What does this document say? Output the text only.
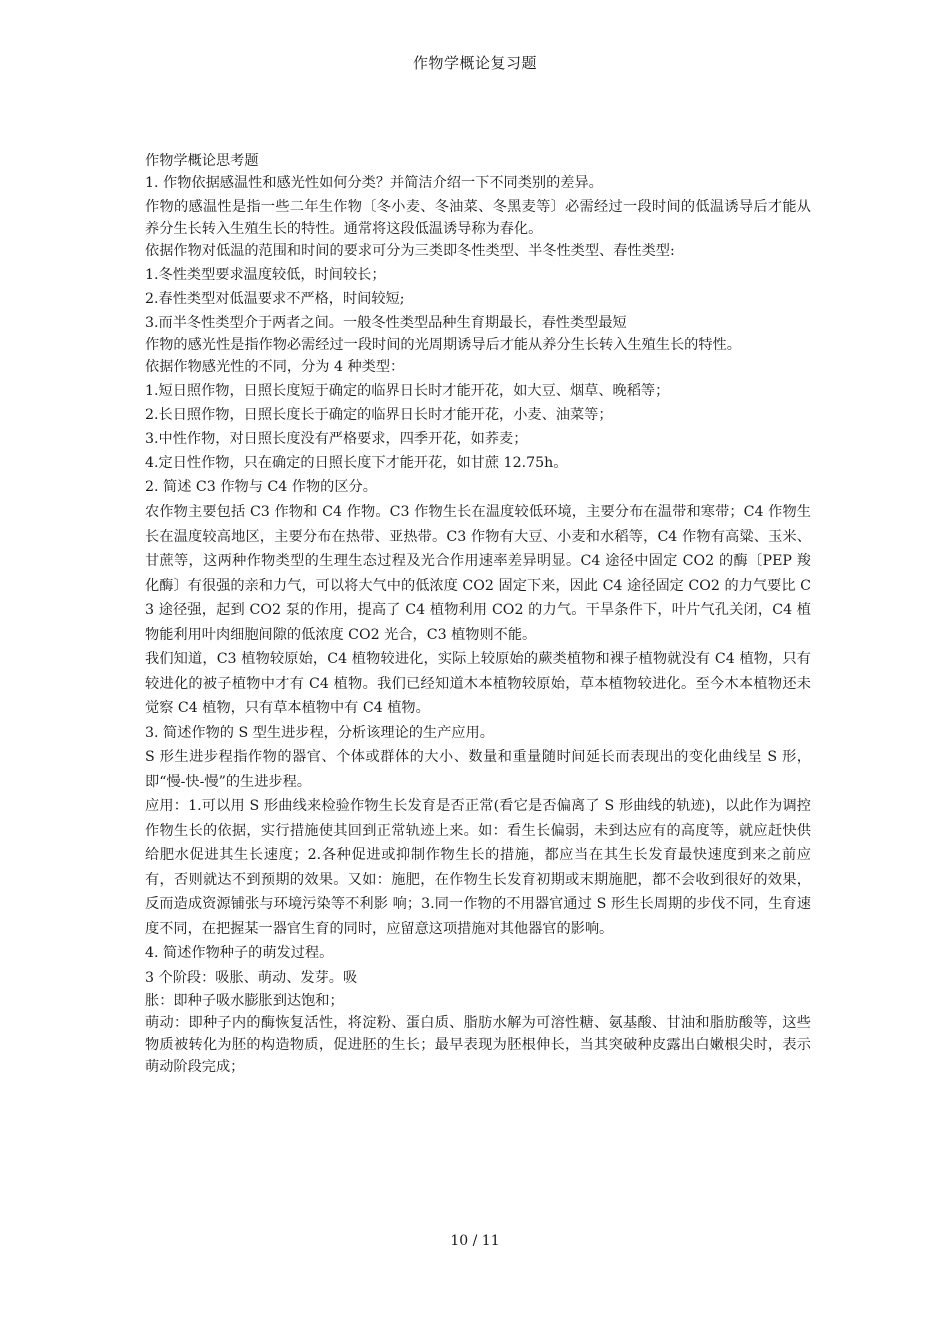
作物学概论复习题

作物学概论思考题

1. 作物依据感温性和感光性如何分类？并简洁介绍一下不同类别的差异。

作物的感温性是指一些二年生作物〔冬小麦、冬油菜、冬黑麦等〕必需经过一段时间的低温诱导后才能从养分生长转入生殖生长的特性。通常将这段低温诱导称为春化。

依据作物对低温的范围和时间的要求可分为三类即冬性类型、半冬性类型、春性类型:

1.冬性类型要求温度较低，时间较长；

2.春性类型对低温要求不严格，时间较短;

3.而半冬性类型介于两者之间。一般冬性类型品种生育期最长，春性类型最短

作物的感光性是指作物必需经过一段时间的光周期诱导后才能从养分生长转入生殖生长的特性。

依据作物感光性的不同，分为 4 种类型：

1.短日照作物，日照长度短于确定的临界日长时才能开花，如大豆、烟草、晚稻等；

2.长日照作物，日照长度长于确定的临界日长时才能开花，小麦、油菜等；

3.中性作物，对日照长度没有严格要求，四季开花，如荞麦；

4.定日性作物，只在确定的日照长度下才能开花，如甘蔗 12.75h。

2. 简述 C3 作物与 C4 作物的区分。

农作物主要包括 C3 作物和 C4 作物。C3 作物生长在温度较低环境，主要分布在温带和寒带；C4 作物生长在温度较高地区，主要分布在热带、亚热带。C3 作物有大豆、小麦和水稻等，C4 作物有高粱、玉米、甘蔗等，这两种作物类型的生理生态过程及光合作用速率差异明显。C4 途径中固定 CO2 的酶〔PEP 羧化酶〕有很强的亲和力气，可以将大气中的低浓度 CO2 固定下来，因此 C4 途径固定 CO2 的力气要比 C3 途径强，起到 CO2 泵的作用，提高了 C4 植物利用 CO2 的力气。干旱条件下，叶片气孔关闭，C4 植物能利用叶肉细胞间隙的低浓度 CO2 光合，C3 植物则不能。

我们知道，C3 植物较原始，C4 植物较进化，实际上较原始的蕨类植物和裸子植物就没有 C4 植物，只有较进化的被子植物中才有 C4 植物。我们已经知道木本植物较原始，草本植物较进化。至今木本植物还未觉察 C4 植物，只有草本植物中有 C4 植物。

3. 简述作物的 S 型生进步程，分析该理论的生产应用。

S 形生进步程指作物的器官、个体或群体的大小、数量和重量随时间延长而表现出的变化曲线呈 S 形，即“慢-快-慢”的生进步程。

应用：1.可以用 S 形曲线来检验作物生长发育是否正常(看它是否偏离了 S 形曲线的轨迹)，以此作为调控作物生长的依据，实行措施使其回到正常轨迹上来。如：看生长偏弱，未到达应有的高度等，就应赶快供给肥水促进其生长速度；2.各种促进或抑制作物生长的措施，都应当在其生长发育最快速度到来之前应有，否则就达不到预期的效果。又如：施肥，在作物生长发育初期或末期施肥，都不会收到很好的效果，反而造成资源铺张与环境污染等不利影 响；3.同一作物的不用器官通过 S 形生长周期的步伐不同，生育速度不同，在把握某一器官生育的同时，应留意这项措施对其他器官的影响。

4. 简述作物种子的萌发过程。

3 个阶段：吸胀、萌动、发芽。吸

胀：即种子吸水膨胀到达饱和；

萌动：即种子内的酶恢复活性，将淀粉、蛋白质、脂肪水解为可溶性糖、氨基酸、甘油和脂肪酸等，这些物质被转化为胚的构造物质，促进胚的生长；最早表现为胚根伸长，当其突破种皮露出白嫩根尖时，表示萌动阶段完成；

10 / 11
